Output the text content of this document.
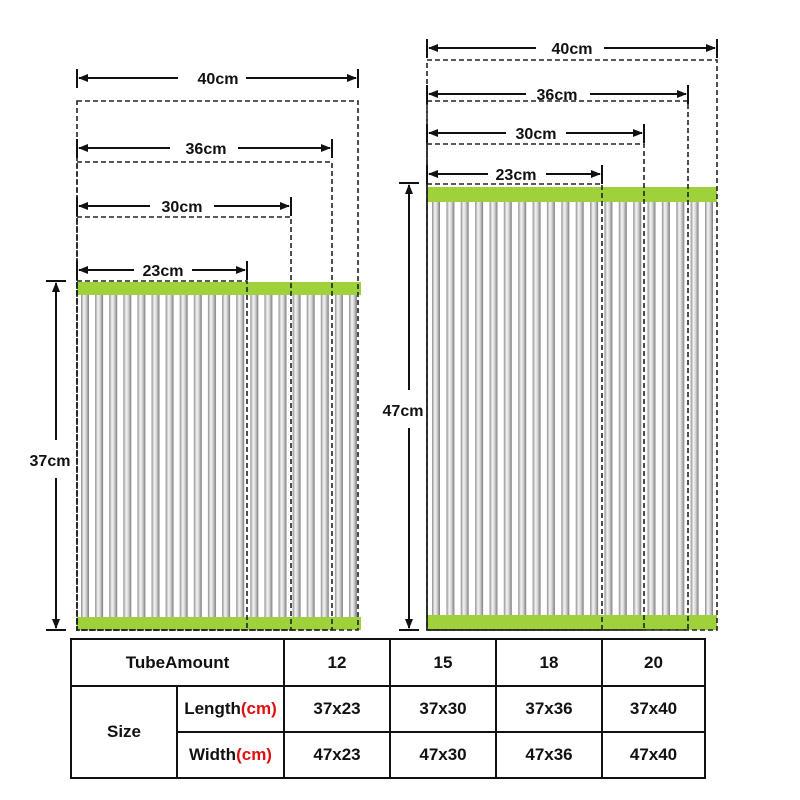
40cm
36cm
30cm
23cm
37cm
40cm
36cm
30cm
23cm
47cm
TubeAmount		12	15	18	20
Size	Length(cm)	37x23	37x30	37x36	37x40
	Width(cm)	47x23	47x30	47x36	47x40
